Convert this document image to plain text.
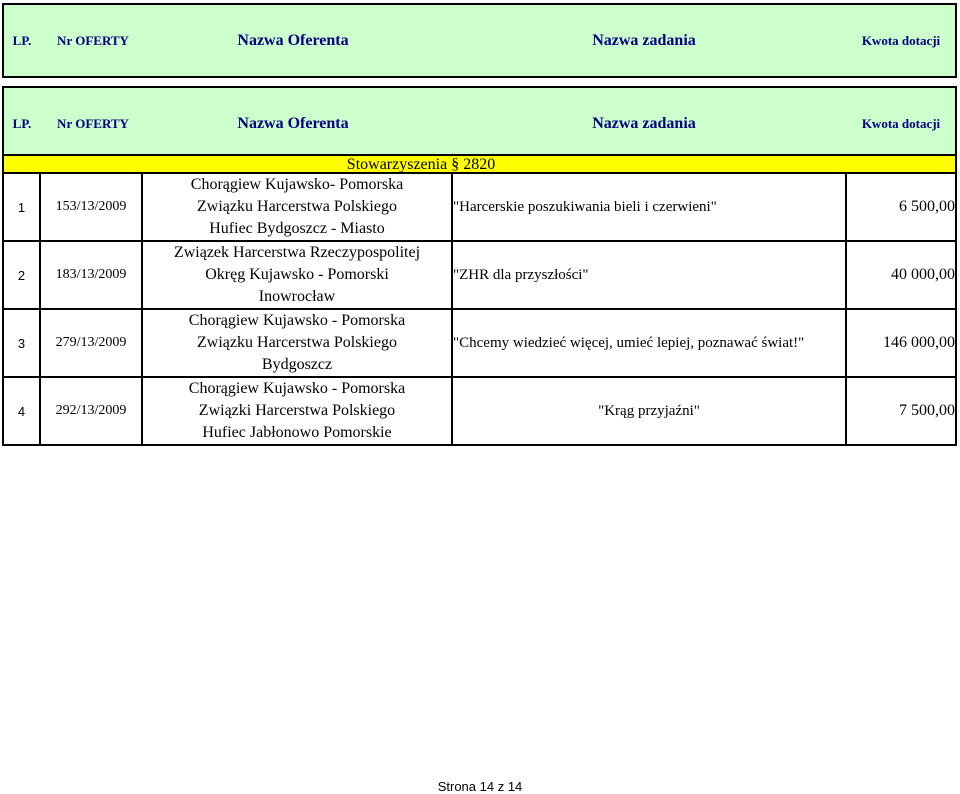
LP. Nr OFERTY	Nazwa Oferenta	Nazwa zadania	Kwota dotacji
LP. Nr OFERTY	Nazwa Oferenta	Nazwa zadania	Kwota dotacji
Stowarzyszenia § 2820
1	153/13/2009	Chorągiew Kujawsko- Pomorska
Związku Harcerstwa Polskiego
Hufiec Bydgoszcz - Miasto	"Harcerskie poszukiwania bieli i czerwieni"	6 500,00
2	183/13/2009	Związek Harcerstwa Rzeczypospolitej
Okręg Kujawsko - Pomorski
Inowrocław	"ZHR dla przyszłości"	40 000,00
3	279/13/2009	Chorągiew Kujawsko - Pomorska
Związku Harcerstwa Polskiego
Bydgoszcz	"Chcemy wiedzieć więcej, umieć lepiej, poznawać świat!"	146 000,00
4	292/13/2009	Chorągiew Kujawsko - Pomorska
Związki Harcerstwa Polskiego
Hufiec Jabłonowo Pomorskie	"Krąg przyjaźni"	7 500,00
Strona 14 z 14
